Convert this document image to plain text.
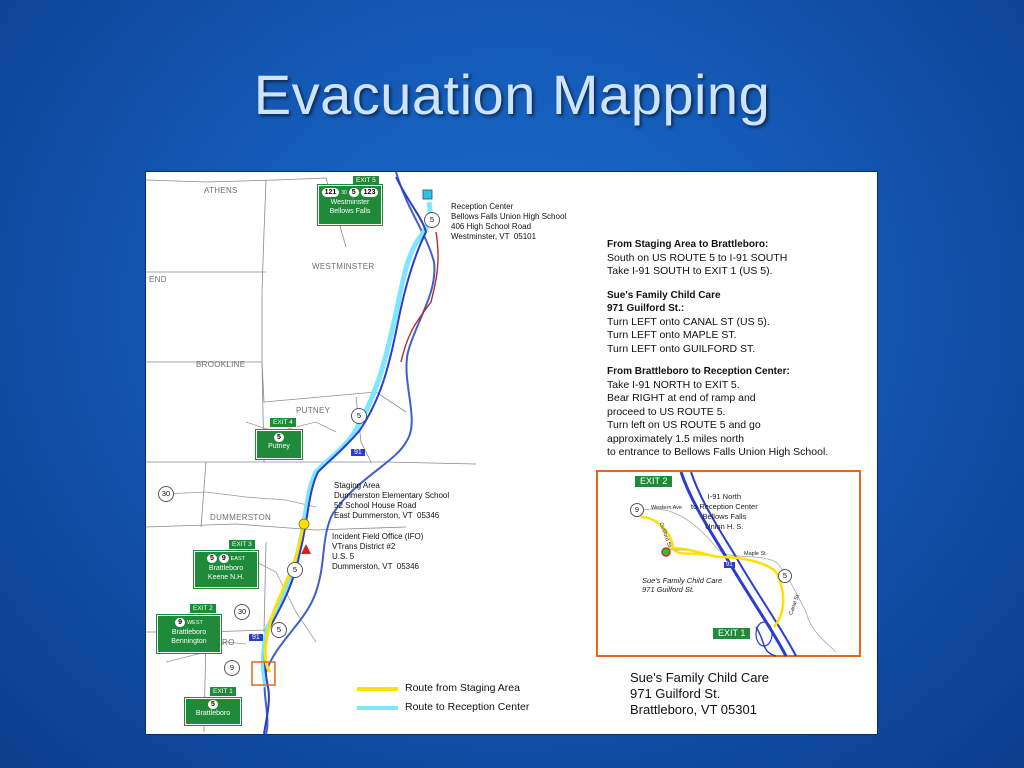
Evacuation Mapping
ATHENS
WESTMINSTER
END
BROOKLINE
PUTNEY
DUMMERSTON
RO
5
5
30
5
30
5
9
91
91
EXIT 5
121 30 5 123
Westminster
Bellows Falls
EXIT 4
5
Putney
EXIT 3
5 9 EAST
Brattleboro
Keene N.H.
EXIT 2
9 WEST
Brattleboro
Bennington
EXIT 1
5
Brattleboro
Reception Center
Bellows Falls Union High School
406 High School Road
Westminster, VT  05101
Staging Area
Dummerston Elementary School
52 School House Road
East Dummerston, VT  05346
Incident Field Office (IFO)
VTrans District #2
U.S. 5
Dummerston, VT  05346
From Staging Area to Brattleboro:
South on US ROUTE 5 to I-91 SOUTH
Take I-91 SOUTH to EXIT 1 (US 5).
Sue's Family Child Care
971 Guilford St.:
Turn LEFT onto CANAL ST (US 5).
Turn LEFT onto MAPLE ST.
Turn LEFT onto GUILFORD ST.
From Brattleboro to Reception Center:
Take I-91 NORTH to EXIT 5.
Bear RIGHT at end of ramp and
proceed to US ROUTE 5.
Turn left on US ROUTE 5 and go
approximately 1.5 miles north
to entrance to Bellows Falls Union High School.
EXIT 2
EXIT 1
I-91 North
to Reception Center
Bellows Falls
Union H. S.
Sue's Family Child Care
971 Guilford St.
9
5
91
Western Ave
Guilford St
Maple St
Canal St
Route from Staging Area
Route to Reception Center
Sue's Family Child Care
971 Guilford St.
Brattleboro, VT 05301
